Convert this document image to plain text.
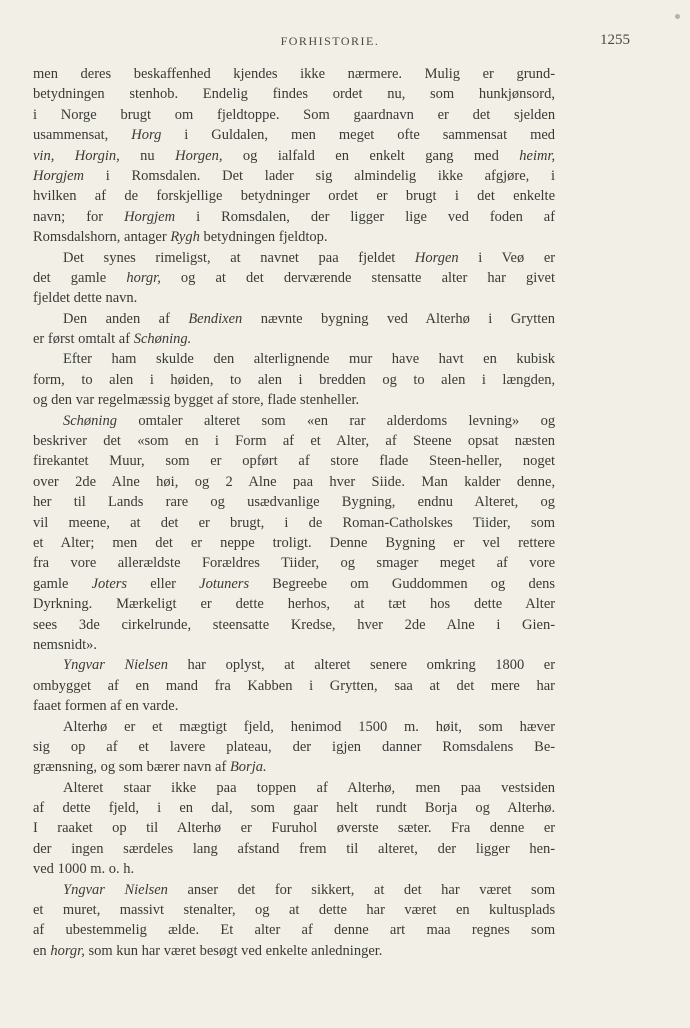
FORHISTORIE.	1255
men deres beskaffenhed kjendes ikke nærmere. Mulig er grund-
betydningen stenhob. Endelig findes ordet nu, som hunkjønsord,
i Norge brugt om fjeldtoppe. Som gaardnavn er det sjelden
usammensat, Horg i Guldalen, men meget ofte sammensat med
vin, Horgin, nu Horgen, og ialfald en enkelt gang med heimr,
Horgjem i Romsdalen. Det lader sig almindelig ikke afgjøre, i
hvilken af de forskjellige betydninger ordet er brugt i det enkelte
navn; for Horgjem i Romsdalen, der ligger lige ved foden af
Romsdalshorn, antager Rygh betydningen fjeldtop.
Det synes rimeligst, at navnet paa fjeldet Horgen i Veø er
det gamle horgr, og at det derværende stensatte alter har givet
fjeldet dette navn.
Den anden af Bendixen nævnte bygning ved Alterhø i Grytten
er først omtalt af Schøning.
Efter ham skulde den alterlignende mur have havt en kubisk
form, to alen i høiden, to alen i bredden og to alen i længden,
og den var regelmæssig bygget af store, flade stenheller.
Schøning omtaler alteret som «en rar alderdoms levning» og
beskriver det «som en i Form af et Alter, af Steene opsat næsten
firekantet Muur, som er opført af store flade Steen-heller, noget
over 2de Alne høi, og 2 Alne paa hver Siide. Man kalder denne,
her til Lands rare og usædvanlige Bygning, endnu Alteret, og
vil meene, at det er brugt, i de Roman-Catholskes Tiider, som
et Alter; men det er neppe troligt. Denne Bygning er vel rettere
fra vore allerældste Forældres Tiider, og smager meget af vore
gamle Joters eller Jotuners Begreebe om Guddommen og dens
Dyrkning. Mærkeligt er dette herhos, at tæt hos dette Alter
sees 3de cirkelrunde, steensatte Kredse, hver 2de Alne i Gien-
nemsnidt».
Yngvar Nielsen har oplyst, at alteret senere omkring 1800 er
ombygget af en mand fra Kabben i Grytten, saa at det mere har
faaet formen af en varde.
Alterhø er et mægtigt fjeld, henimod 1500 m. høit, som hæver
sig op af et lavere plateau, der igjen danner Romsdalens Be-
grænsning, og som bærer navn af Borja.
Alteret staar ikke paa toppen af Alterhø, men paa vestsiden
af dette fjeld, i en dal, som gaar helt rundt Borja og Alterhø.
I raaket op til Alterhø er Furuhol øverste sæter. Fra denne er
der ingen særdeles lang afstand frem til alteret, der ligger hen-
ved 1000 m. o. h.
Yngvar Nielsen anser det for sikkert, at det har været som
et muret, massivt stenalter, og at dette har været en kultusplads
af ubestemmelig ælde. Et alter af denne art maa regnes som
en horgr, som kun har været besøgt ved enkelte anledninger.
